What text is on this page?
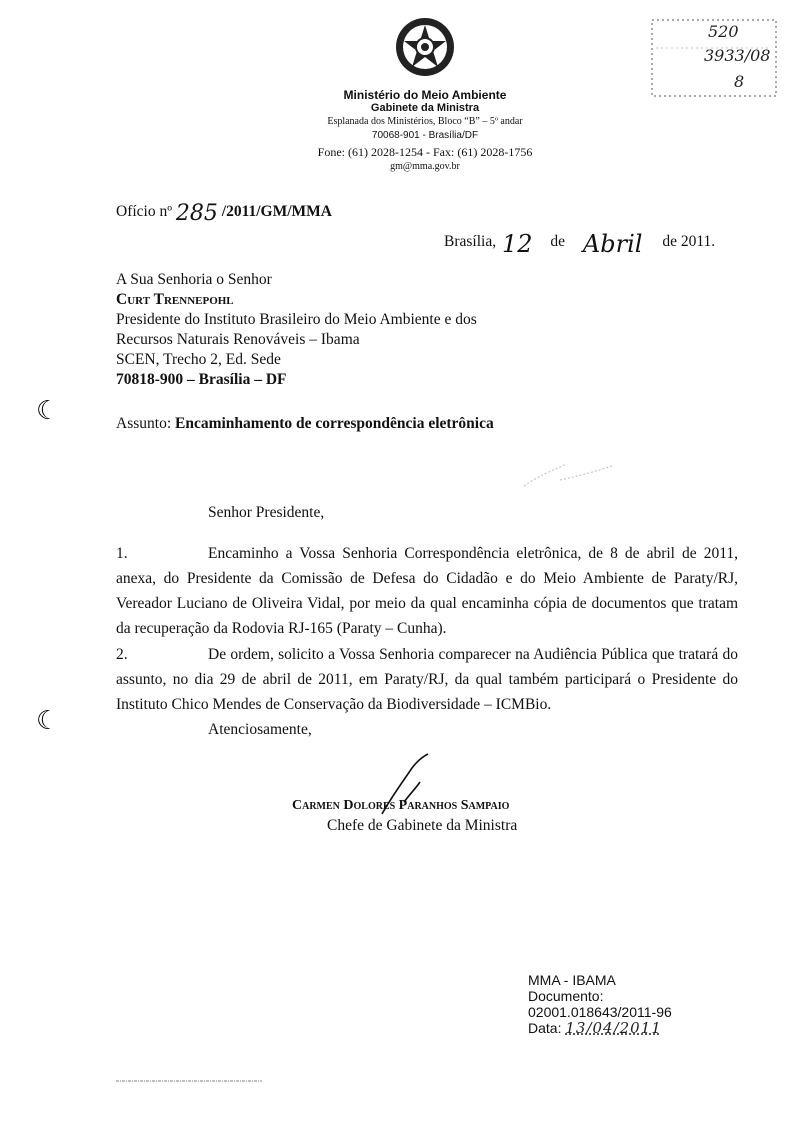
Ministério do Meio Ambiente
Gabinete da Ministra
Esplanada dos Ministérios, Bloco “B” – 5º andar
70068-901 - Brasília/DF
Fone: (61) 2028-1254 - Fax: (61) 2028-1756
gm@mma.gov.br
520
3933/08
8
Ofício nº 285 /2011/GM/MMA
Brasília, 12 de Abril de 2011.
A Sua Senhoria o Senhor
Curt Trennepohl
Presidente do Instituto Brasileiro do Meio Ambiente e dos
Recursos Naturais Renováveis – Ibama
SCEN, Trecho 2, Ed. Sede
70818-900 – Brasília – DF
☾
☾
Assunto: Encaminhamento de correspondência eletrônica
Senhor Presidente,
1.	Encaminho a Vossa Senhoria Correspondência eletrônica, de 8 de abril de 2011, anexa, do Presidente da Comissão de Defesa do Cidadão e do Meio Ambiente de Paraty/RJ, Vereador Luciano de Oliveira Vidal, por meio da qual encaminha cópia de documentos que tratam da recuperação da Rodovia RJ-165 (Paraty – Cunha).
2.	De ordem, solicito a Vossa Senhoria comparecer na Audiência Pública que tratará do assunto, no dia 29 de abril de 2011, em Paraty/RJ, da qual também participará o Presidente do Instituto Chico Mendes de Conservação da Biodiversidade – ICMBio.
Atenciosamente,
Carmen Dolores Paranhos Sampaio
Chefe de Gabinete da Ministra
MMA - IBAMA
Documento:
02001.018643/2011-96
Data: 13/04/2011
